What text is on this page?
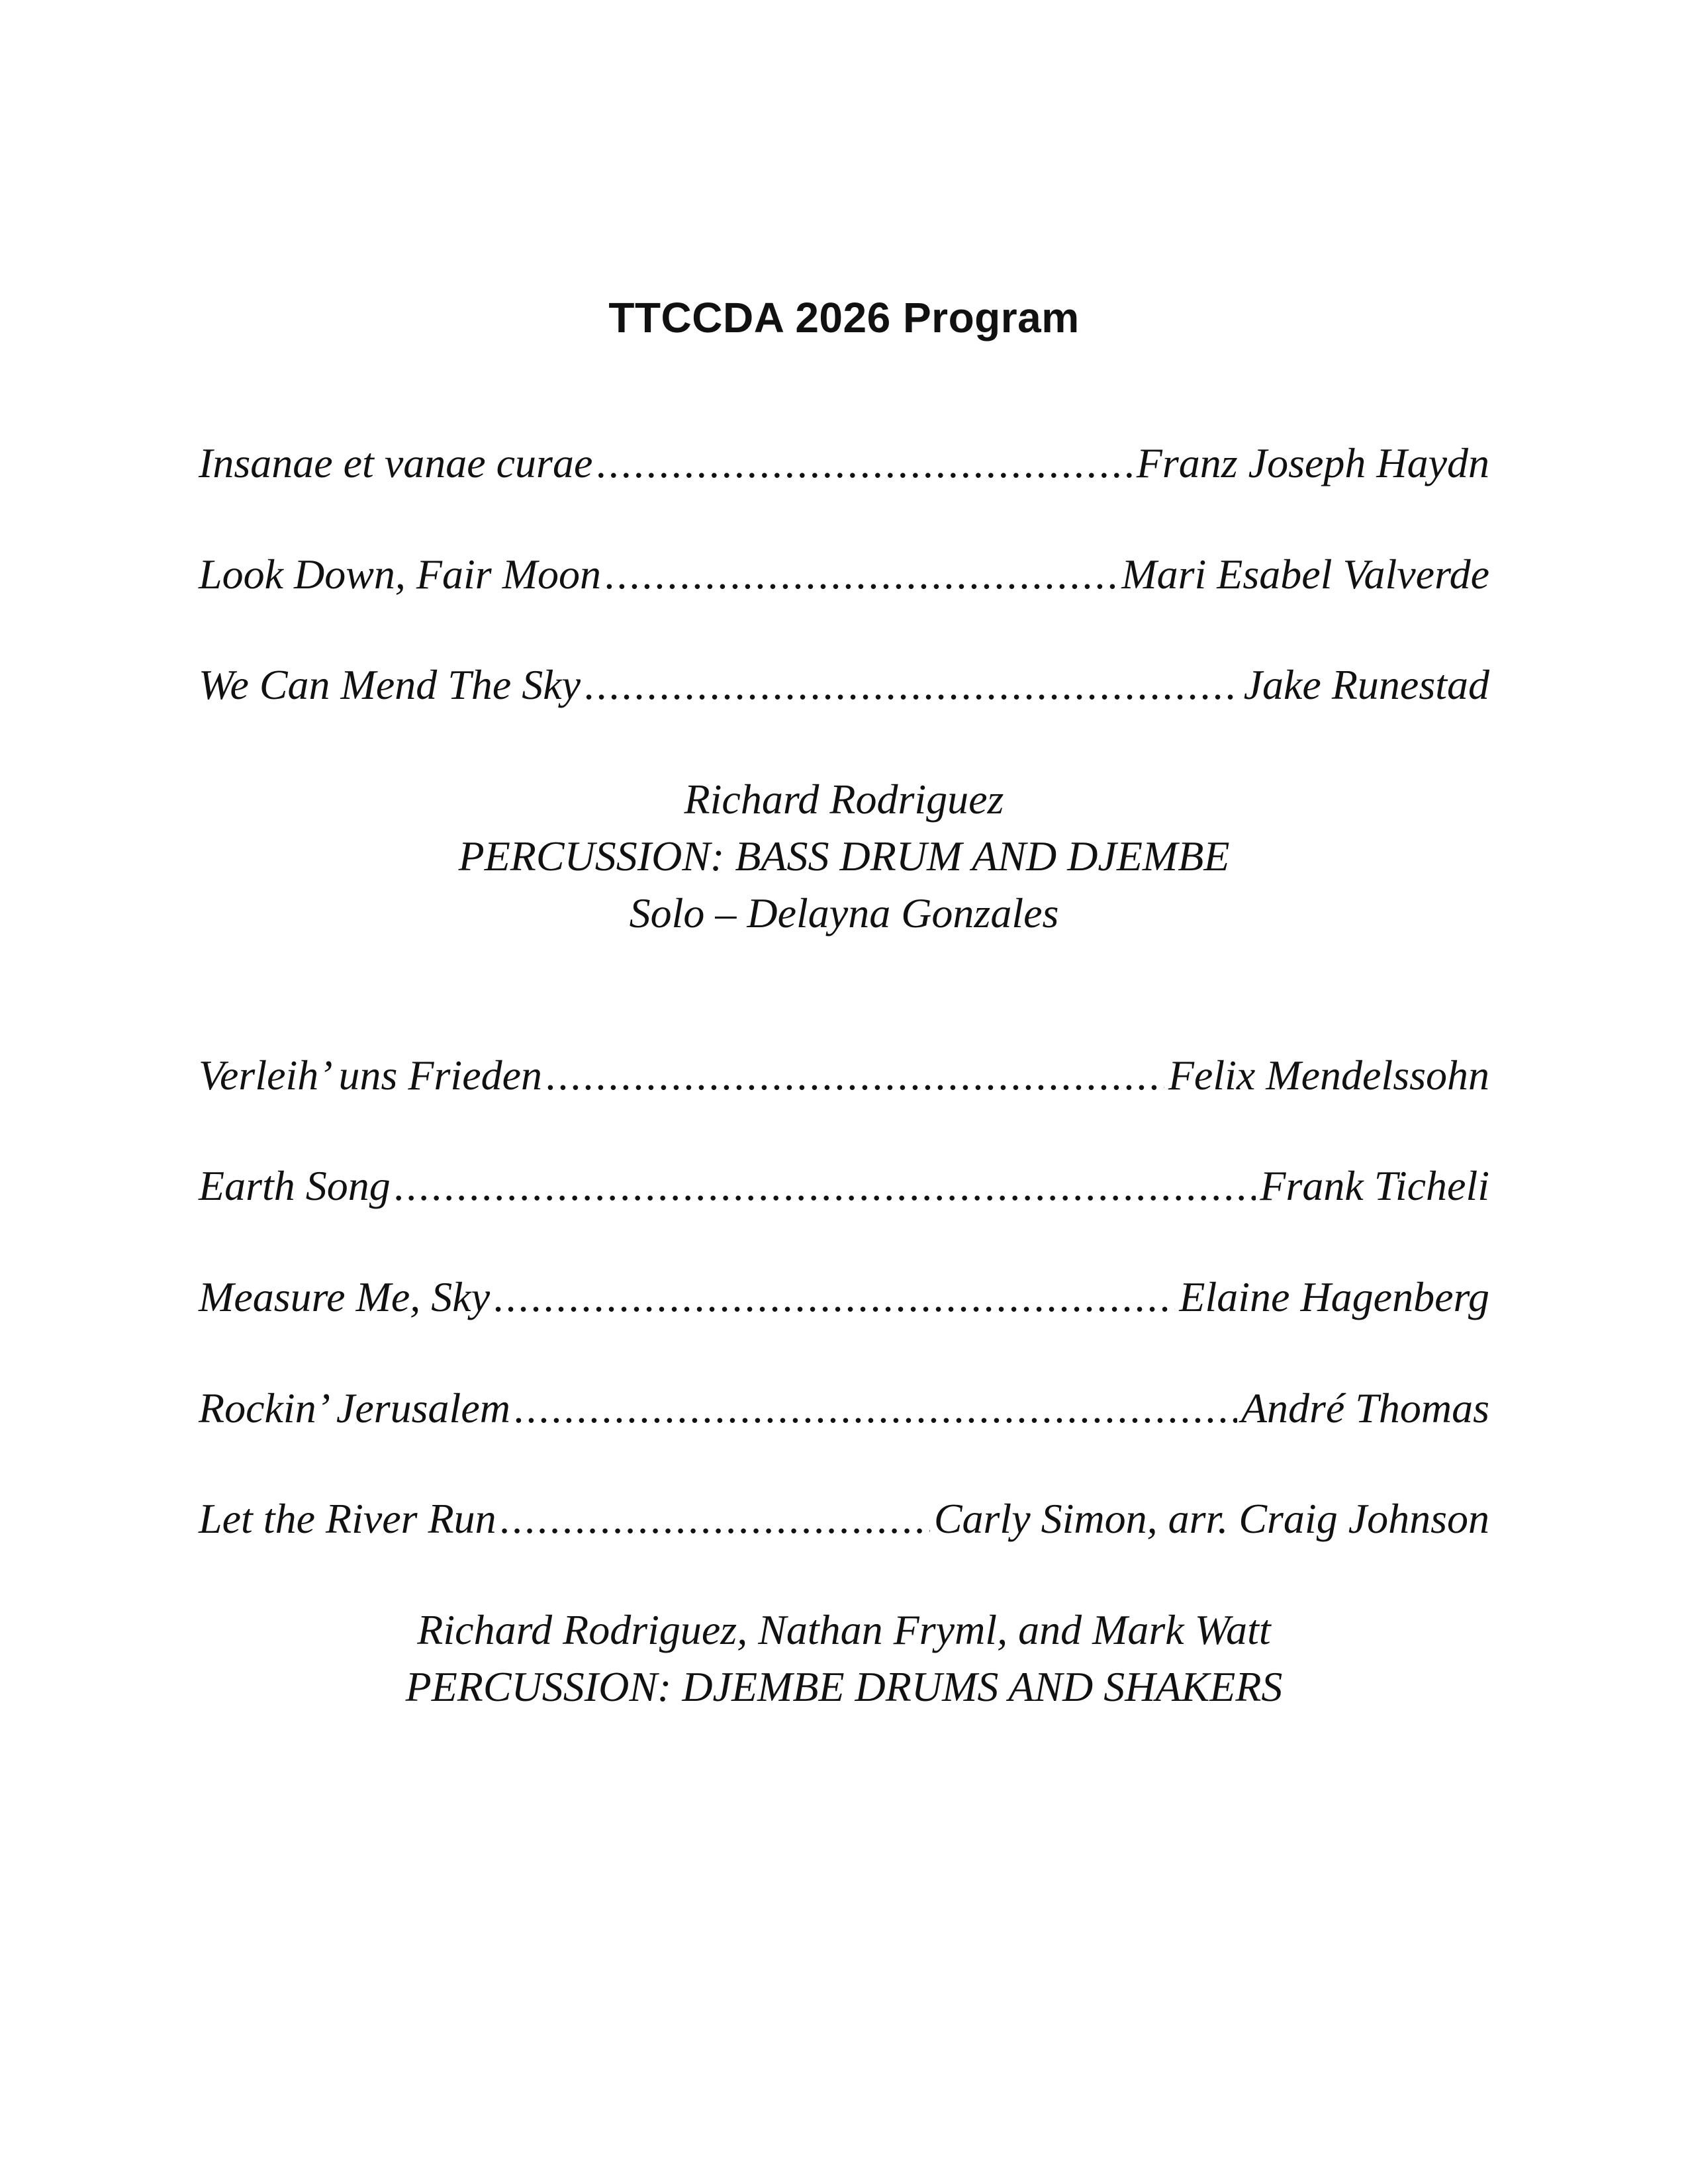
TTCCDA 2026 Program
Insanae et vanae curae .....	Franz Joseph Haydn
Look Down, Fair Moon .....	Mari Esabel Valverde
We Can Mend The Sky .....	Jake Runestad
Richard Rodriguez
PERCUSSION: BASS DRUM AND DJEMBE
Solo – Delayna Gonzales
Verleih’ uns Frieden .....	Felix Mendelssohn
Earth Song .....	Frank Ticheli
Measure Me, Sky .....	Elaine Hagenberg
Rockin’ Jerusalem .....	André Thomas
Let the River Run .....	Carly Simon, arr. Craig Johnson
Richard Rodriguez, Nathan Fryml, and Mark Watt
PERCUSSION: DJEMBE DRUMS AND SHAKERS
